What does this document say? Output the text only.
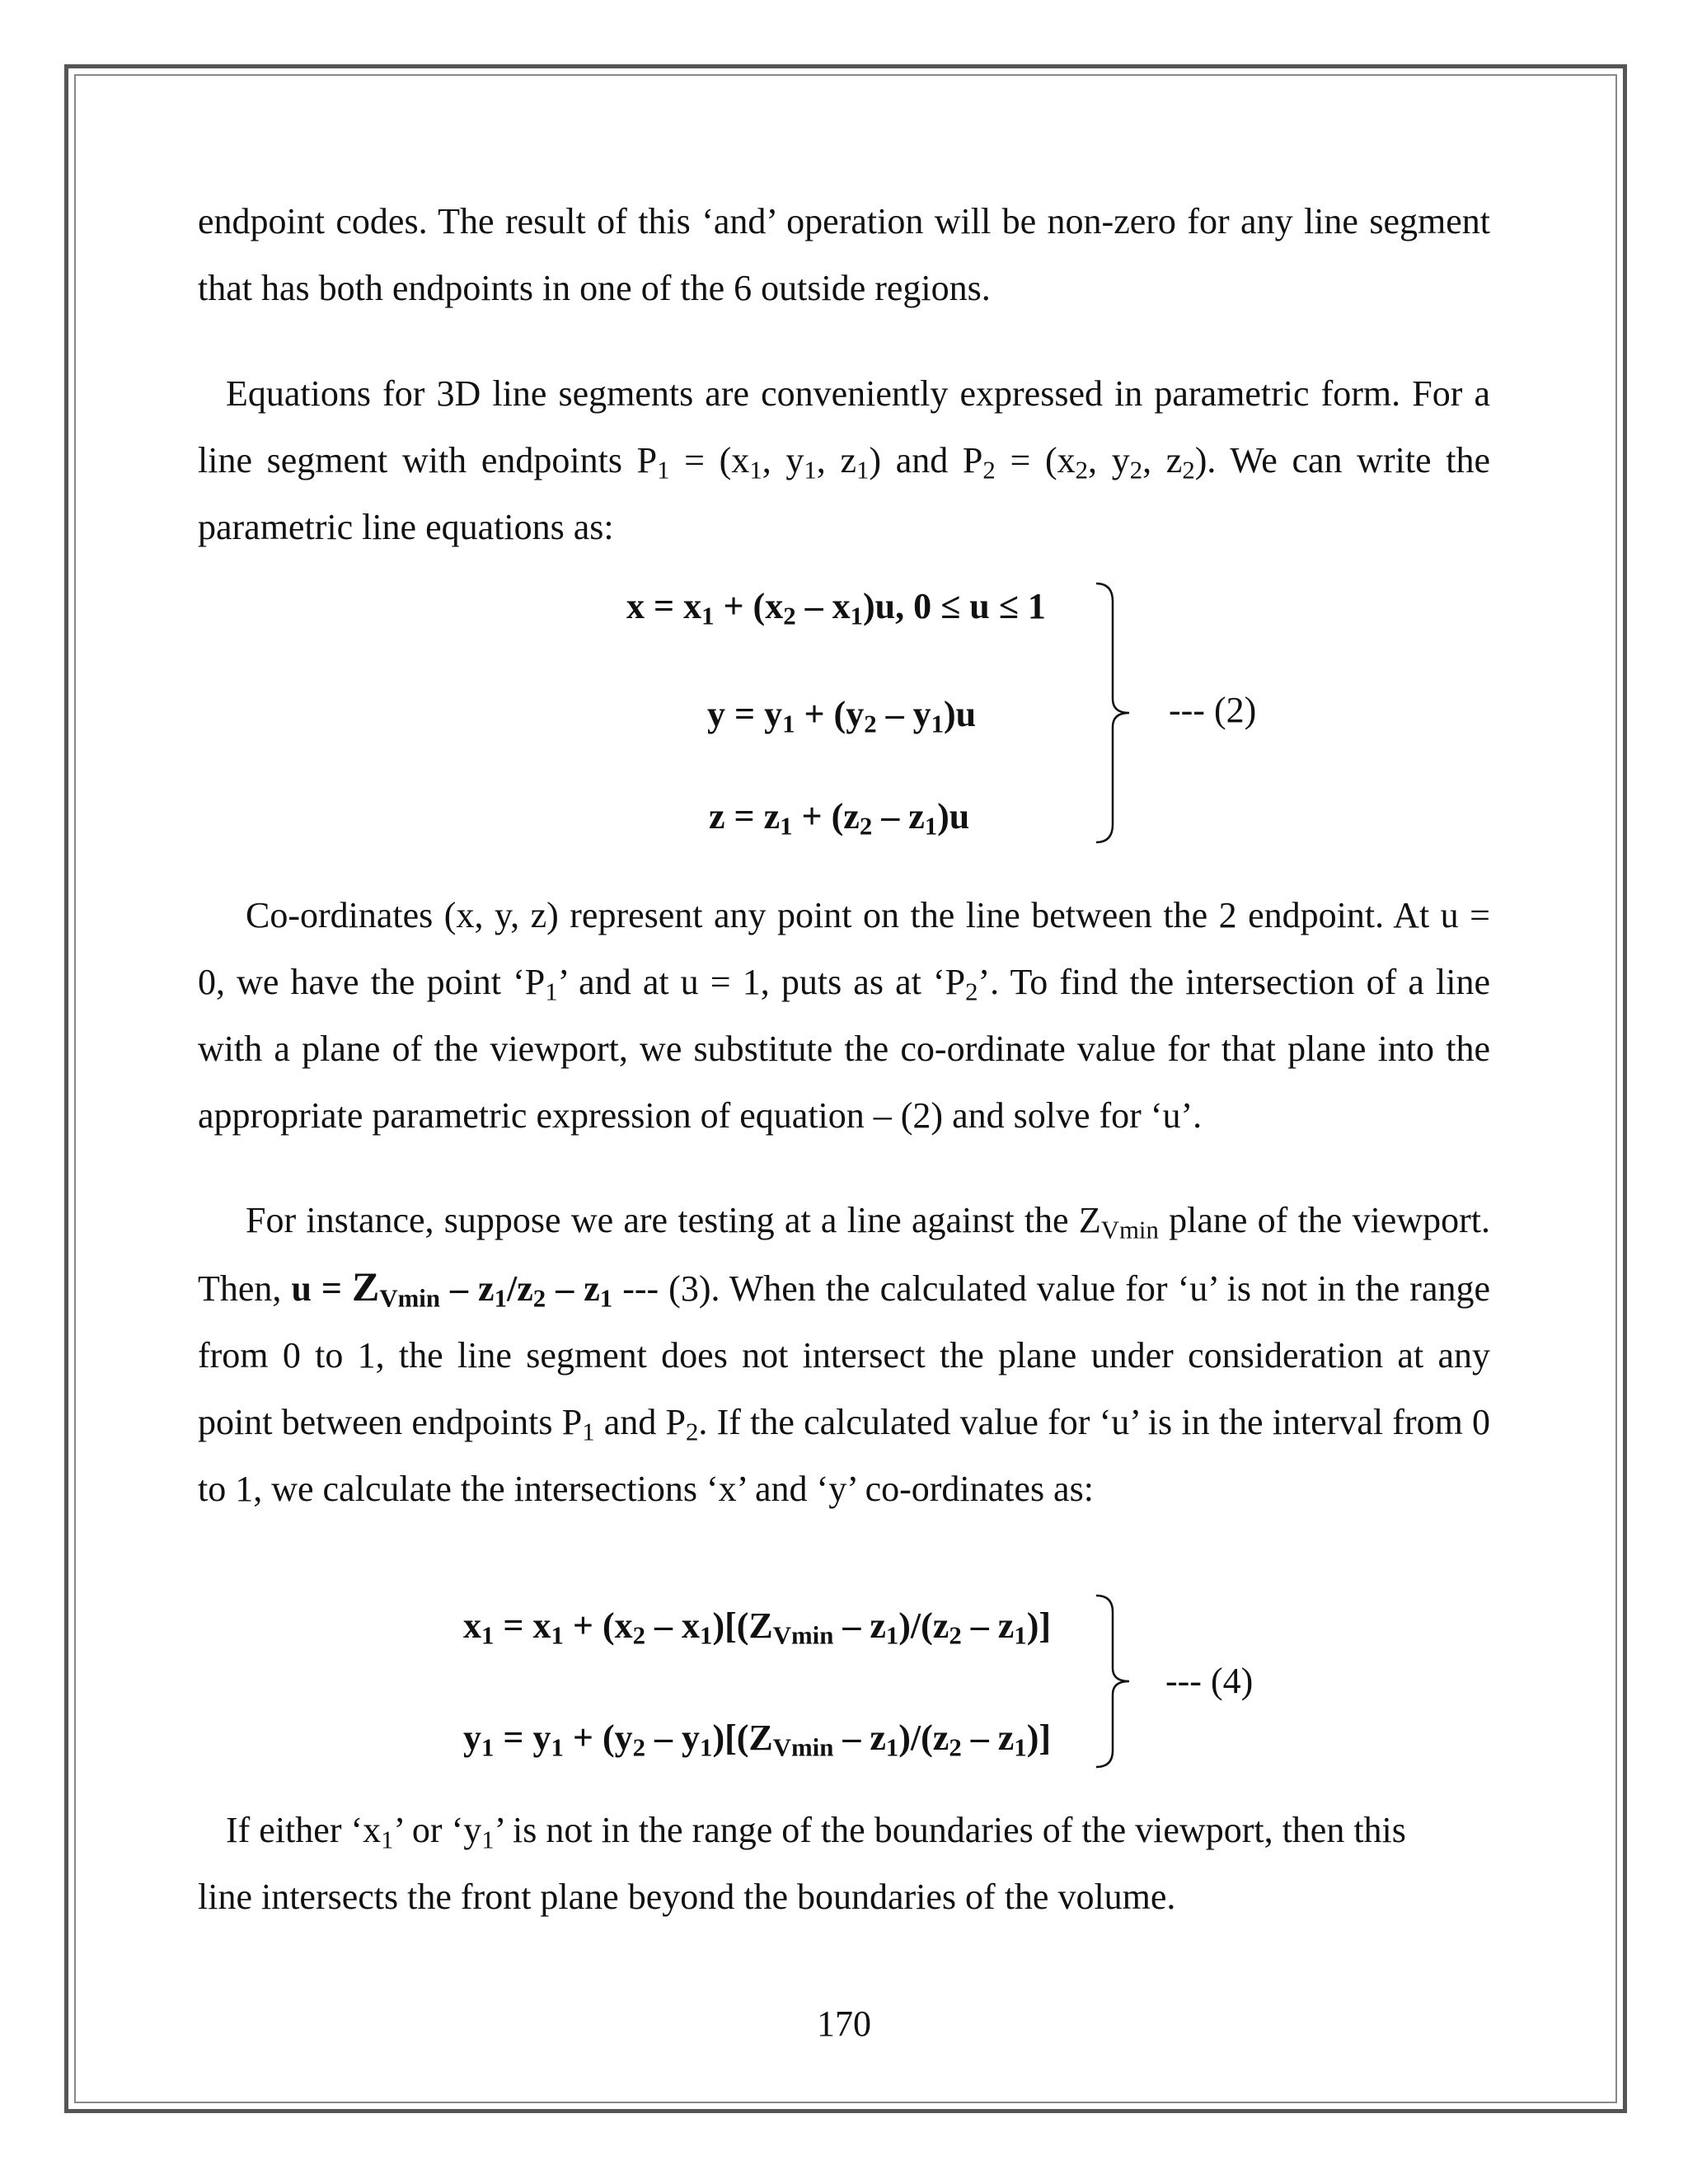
endpoint codes. The result of this ‘and’ operation will be non-zero for any line segment that has both endpoints in one of the 6 outside regions.

Equations for 3D line segments are conveniently expressed in parametric form. For a line segment with endpoints $P_1 = (x_1$, $y_1$, $z_1$) and $P_2 = (x_2$, $y_2$, $z_2$). We can write the parametric line equations as:

$x = x_1 + (x_2 - x_1)u$, 0 ≤ u ≤ 1

$y = y_1 + (y_2 - y_1)u$

$z = z_1 + (z_2 - z_1)u$

--- (2)

Co-ordinates (x, y, z) represent any point on the line between the 2 endpoint. At u = 0, we have the point ‘$P_1$’ and at u = 1, puts as at ‘$P_2$’. To find the intersection of a line with a plane of the viewport, we substitute the co-ordinate value for that plane into the appropriate parametric expression of equation – (2) and solve for ‘u’.

For instance, suppose we are testing at a line against the $Z_{Vmin}$ plane of the viewport. Then, $u = Z_{Vmin} - z_1/z_2 - z_1$ --- (3). When the calculated value for ‘u’ is not in the range from 0 to 1, the line segment does not intersect the plane under consideration at any point between endpoints $P_1$ and $P_2$. If the calculated value for ‘u’ is in the interval from 0 to 1, we calculate the intersections ‘x’ and ‘y’ co-ordinates as:

$x_1 = x_1 + (x_2 - x_1)[(Z_{Vmin} - z_1)/(z_2 - z_1)]$

$y_1 = y_1 + (y_2 - y_1)[(Z_{Vmin} - z_1)/(z_2 - z_1)]$

--- (4)

If either ‘$x_1$’ or ‘$y_1$’ is not in the range of the boundaries of the viewport, then this line intersects the front plane beyond the boundaries of the volume.

170
